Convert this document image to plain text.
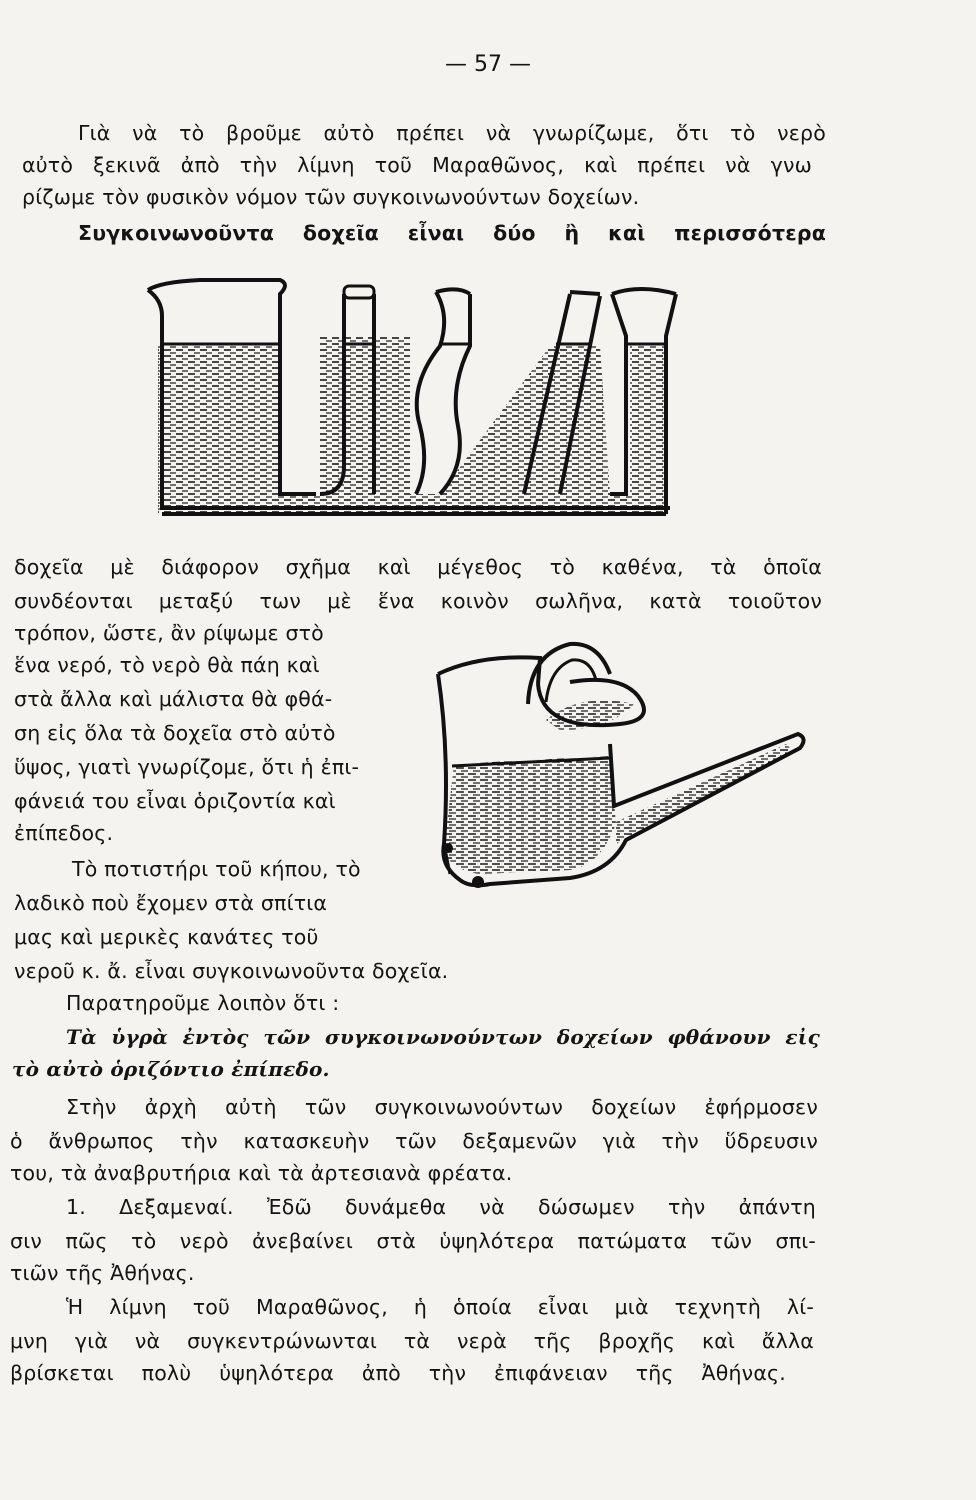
— 57 —
Γιὰ νὰ τὸ βροῦμε αὐτὸ πρέπει νὰ γνωρίζωμε, ὅτι τὸ νερὸ
αὐτὸ ξεκινᾶ ἀπὸ τὴν λίμνη τοῦ Μαραθῶνος, καὶ πρέπει νὰ γνω
ρίζωμε τὸν φυσικὸν νόμον τῶν συγκοινωνούντων δοχείων.
Συγκοινωνοῦντα δοχεῖα εἶναι δύο ἢ καὶ περισσότερα
δοχεῖα μὲ διάφορον σχῆμα καὶ μέγεθος τὸ καθένα, τὰ ὁποῖα
συνδέονται μεταξύ των μὲ ἕνα κοινὸν σωλῆνα, κατὰ τοιοῦτον
τρόπον, ὥστε, ἂν ρίψωμε στὸ
ἕνα νερό, τὸ νερὸ θὰ πάη καὶ
στὰ ἄλλα καὶ μάλιστα θὰ φθά-
ση εἰς ὅλα τὰ δοχεῖα στὸ αὐτὸ
ὕψος, γιατὶ γνωρίζομε, ὅτι ἡ ἐπι-
φάνειά του εἶναι ὁριζοντία καὶ
ἐπίπεδος.
Τὸ ποτιστήρι τοῦ κήπου, τὸ
λαδικὸ ποὺ ἔχομεν στὰ σπίτια
μας καὶ μερικὲς κανάτες τοῦ
νεροῦ κ. ἄ. εἶναι συγκοινωνοῦντα δοχεῖα.
Παρατηροῦμε λοιπὸν ὅτι :
Τὰ ὑγρὰ ἐντὸς τῶν συγκοινωνούντων δοχείων φθάνουν εἰς
τὸ αὐτὸ ὁριζόντιο ἐπίπεδο.
Στὴν ἀρχὴ αὐτὴ τῶν συγκοινωνούντων δοχείων ἐφήρμοσεν
ὁ ἄνθρωπος τὴν κατασκευὴν τῶν δεξαμενῶν γιὰ τὴν ὕδρευσιν
του, τὰ ἀναβρυτήρια καὶ τὰ ἀρτεσιανὰ φρέατα.
1. Δεξαμεναί. Ἐδῶ δυνάμεθα νὰ δώσωμεν τὴν ἀπάντη
σιν πῶς τὸ νερὸ ἀνεβαίνει στὰ ὑψηλότερα πατώματα τῶν σπι-
τιῶν τῆς Ἀθήνας.
Ἡ λίμνη τοῦ Μαραθῶνος, ἡ ὁποία εἶναι μιὰ τεχνητὴ λί-
μνη γιὰ νὰ συγκεντρώνωνται τὰ νερὰ τῆς βροχῆς καὶ ἄλλα
βρίσκεται πολὺ ὑψηλότερα ἀπὸ τὴν ἐπιφάνειαν τῆς Ἀθήνας.
